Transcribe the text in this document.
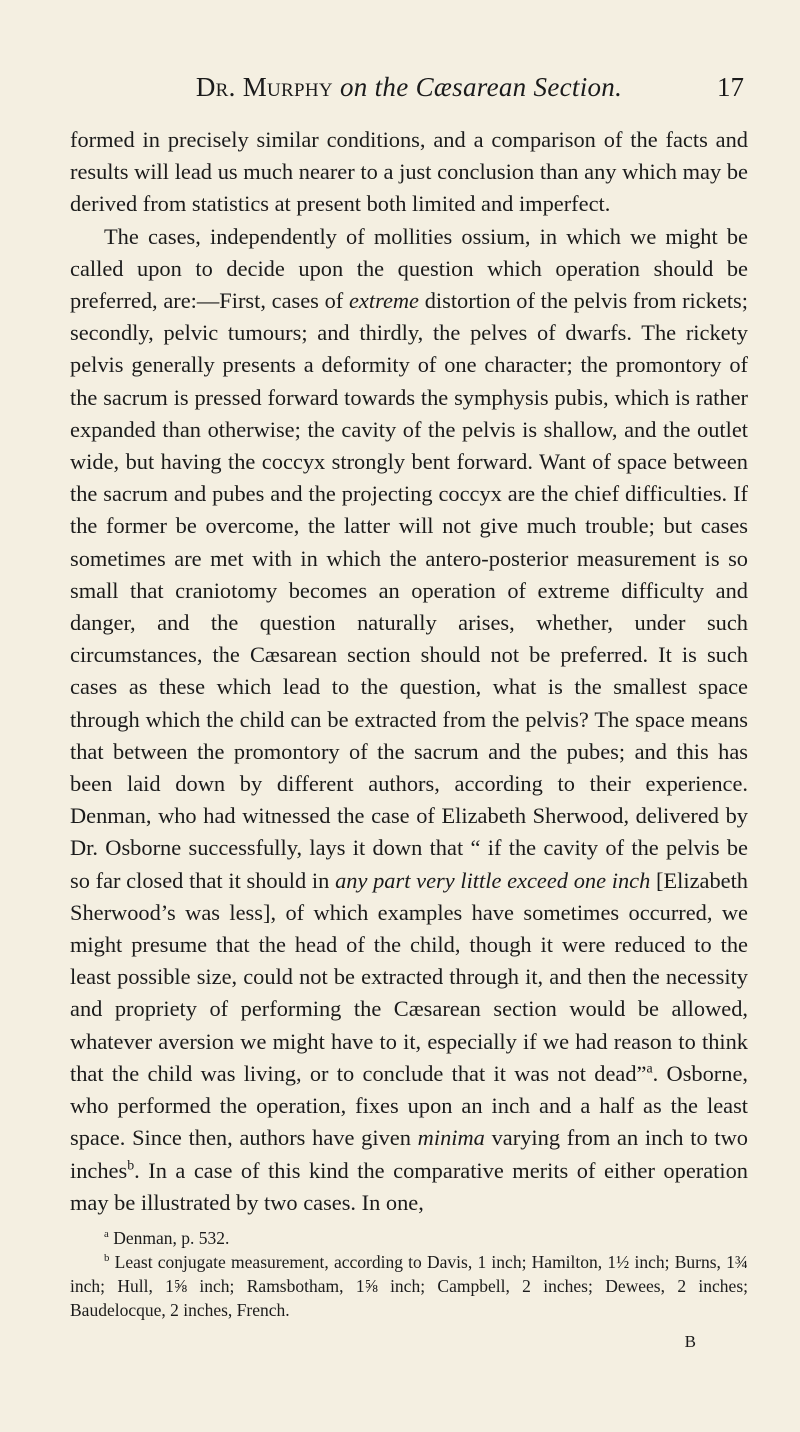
Dr. Murphy on the Cæsarean Section.	17

formed in precisely similar conditions, and a comparison of the facts and results will lead us much nearer to a just conclusion than any which may be derived from statistics at present both limited and imperfect.

The cases, independently of mollities ossium, in which we might be called upon to decide upon the question which operation should be preferred, are:—First, cases of extreme distortion of the pelvis from rickets; secondly, pelvic tumours; and thirdly, the pelves of dwarfs. The rickety pelvis generally presents a deformity of one character; the promontory of the sacrum is pressed forward towards the symphysis pubis, which is rather expanded than otherwise; the cavity of the pelvis is shallow, and the outlet wide, but having the coccyx strongly bent forward. Want of space between the sacrum and pubes and the projecting coccyx are the chief difficulties. If the former be overcome, the latter will not give much trouble; but cases sometimes are met with in which the antero-posterior measurement is so small that craniotomy becomes an operation of extreme difficulty and danger, and the question naturally arises, whether, under such circumstances, the Cæsarean section should not be preferred. It is such cases as these which lead to the question, what is the smallest space through which the child can be extracted from the pelvis? The space means that between the promontory of the sacrum and the pubes; and this has been laid down by different authors, according to their experience. Denman, who had witnessed the case of Elizabeth Sherwood, delivered by Dr. Osborne successfully, lays it down that “ if the cavity of the pelvis be so far closed that it should in any part very little exceed one inch [Elizabeth Sherwood’s was less], of which examples have sometimes occurred, we might presume that the head of the child, though it were reduced to the least possible size, could not be extracted through it, and then the necessity and propriety of performing the Cæsarean section would be allowed, whatever aversion we might have to it, especially if we had reason to think that the child was living, or to conclude that it was not dead”$^a$. Osborne, who performed the operation, fixes upon an inch and a half as the least space. Since then, authors have given minima varying from an inch to two inches$^b$. In a case of this kind the comparative merits of either operation may be illustrated by two cases. In one,

$^a$ Denman, p. 532.

$^b$ Least conjugate measurement, according to Davis, 1 inch; Hamilton, 1½ inch; Burns, 1¾ inch; Hull, 1⅝ inch; Ramsbotham, 1⅝ inch; Campbell, 2 inches; Dewees, 2 inches; Baudelocque, 2 inches, French.

B
